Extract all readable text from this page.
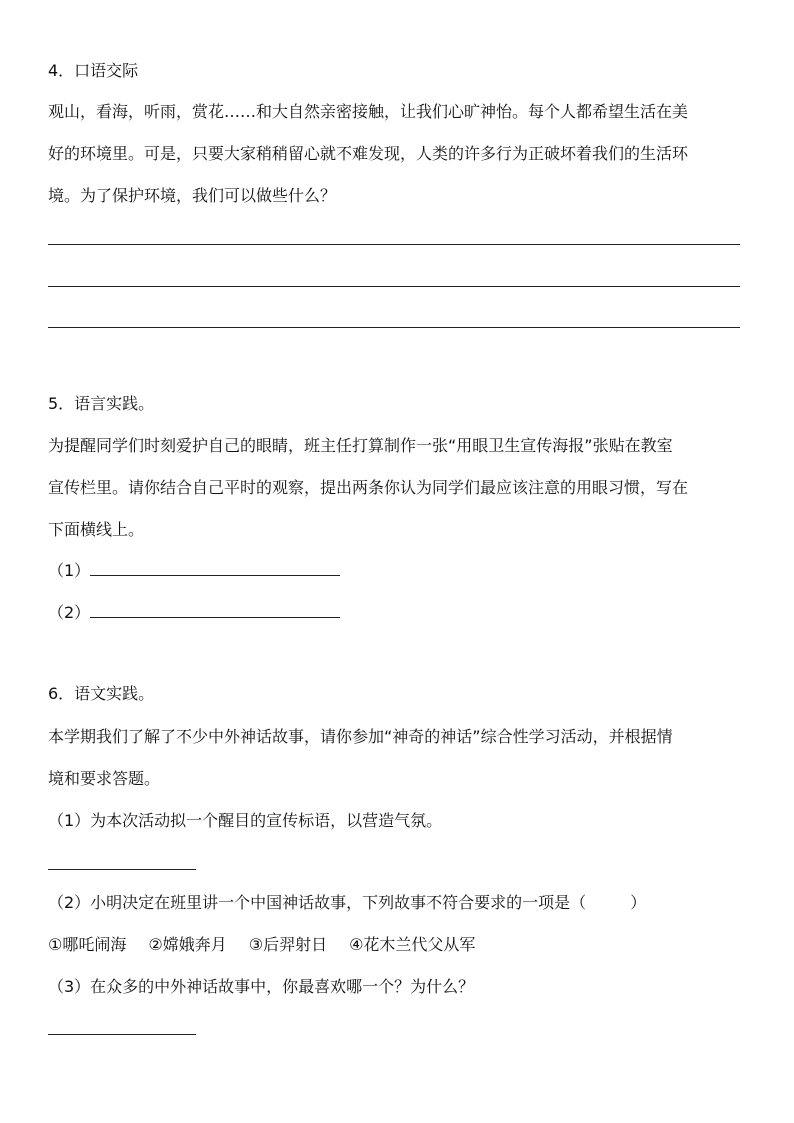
4．口语交际
观山，看海，听雨，赏花……和大自然亲密接触，让我们心旷神怡。每个人都希望生活在美
好的环境里。可是，只要大家稍稍留心就不难发现，人类的许多行为正破坏着我们的生活环
境。为了保护环境，我们可以做些什么？
5．语言实践。
为提醒同学们时刻爱护自己的眼睛，班主任打算制作一张“用眼卫生宣传海报”张贴在教室
宣传栏里。请你结合自己平时的观察，提出两条你认为同学们最应该注意的用眼习惯，写在
下面横线上。
（1）
（2）
6．语文实践。
本学期我们了解了不少中外神话故事，请你参加“神奇的神话”综合性学习活动，并根据情
境和要求答题。
（1）为本次活动拟一个醒目的宣传标语，以营造气氛。
（2）小明决定在班里讲一个中国神话故事，下列故事不符合要求的一项是（	）
①哪吒闹海 ②嫦娥奔月 ③后羿射日 ④花木兰代父从军
（3）在众多的中外神话故事中，你最喜欢哪一个？为什么？
